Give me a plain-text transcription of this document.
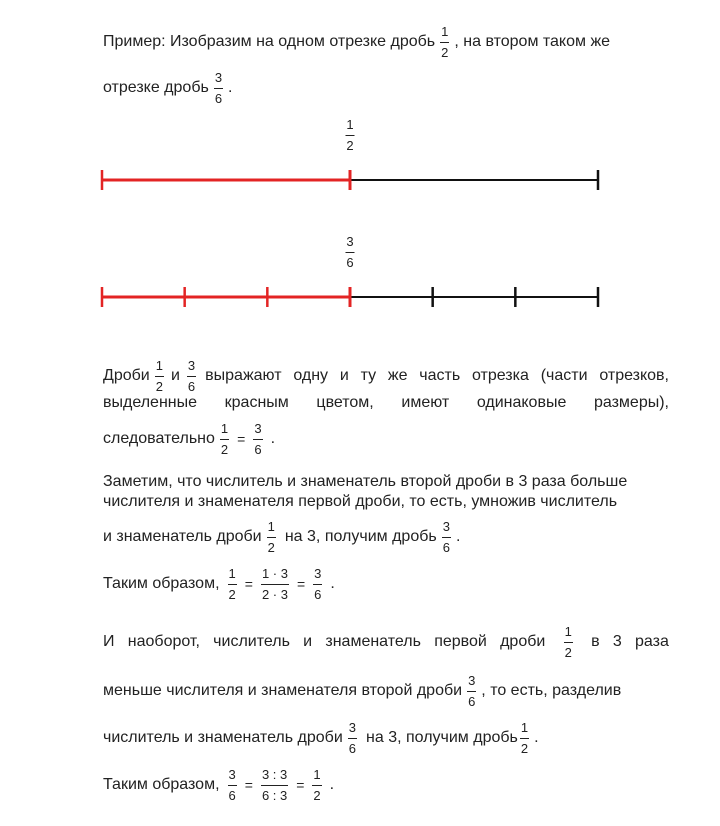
Пример: Изобразим на одном отрезке дробь
1
2
, на втором таком же
отрезке дробь
3
6
.
1
2
3
6
Дроби
1
2
и
3
6
выражают одну и ту же часть отрезка (части отрезков,
выделенные красным цветом, имеют одинаковые размеры),
следовательно
1
2
=
3
6
.
Заметим, что числитель и знаменатель второй дроби в 3 раза больше
числителя и знаменателя первой дроби, то есть, умножив числитель
и знаменатель дроби
1
2
на 3, получим дробь
3
6
.
Таким образом,
1
2
=
1 · 3
2 · 3
=
3
6
.
И наоборот, числитель и знаменатель первой дроби
1
2
в 3 раза
меньше числителя и знаменателя второй дроби
3
6
, то есть, разделив
числитель и знаменатель дроби
3
6
на 3, получим дробь
1
2
.
Таким образом,
3
6
=
3 : 3
6 : 3
=
1
2
.
